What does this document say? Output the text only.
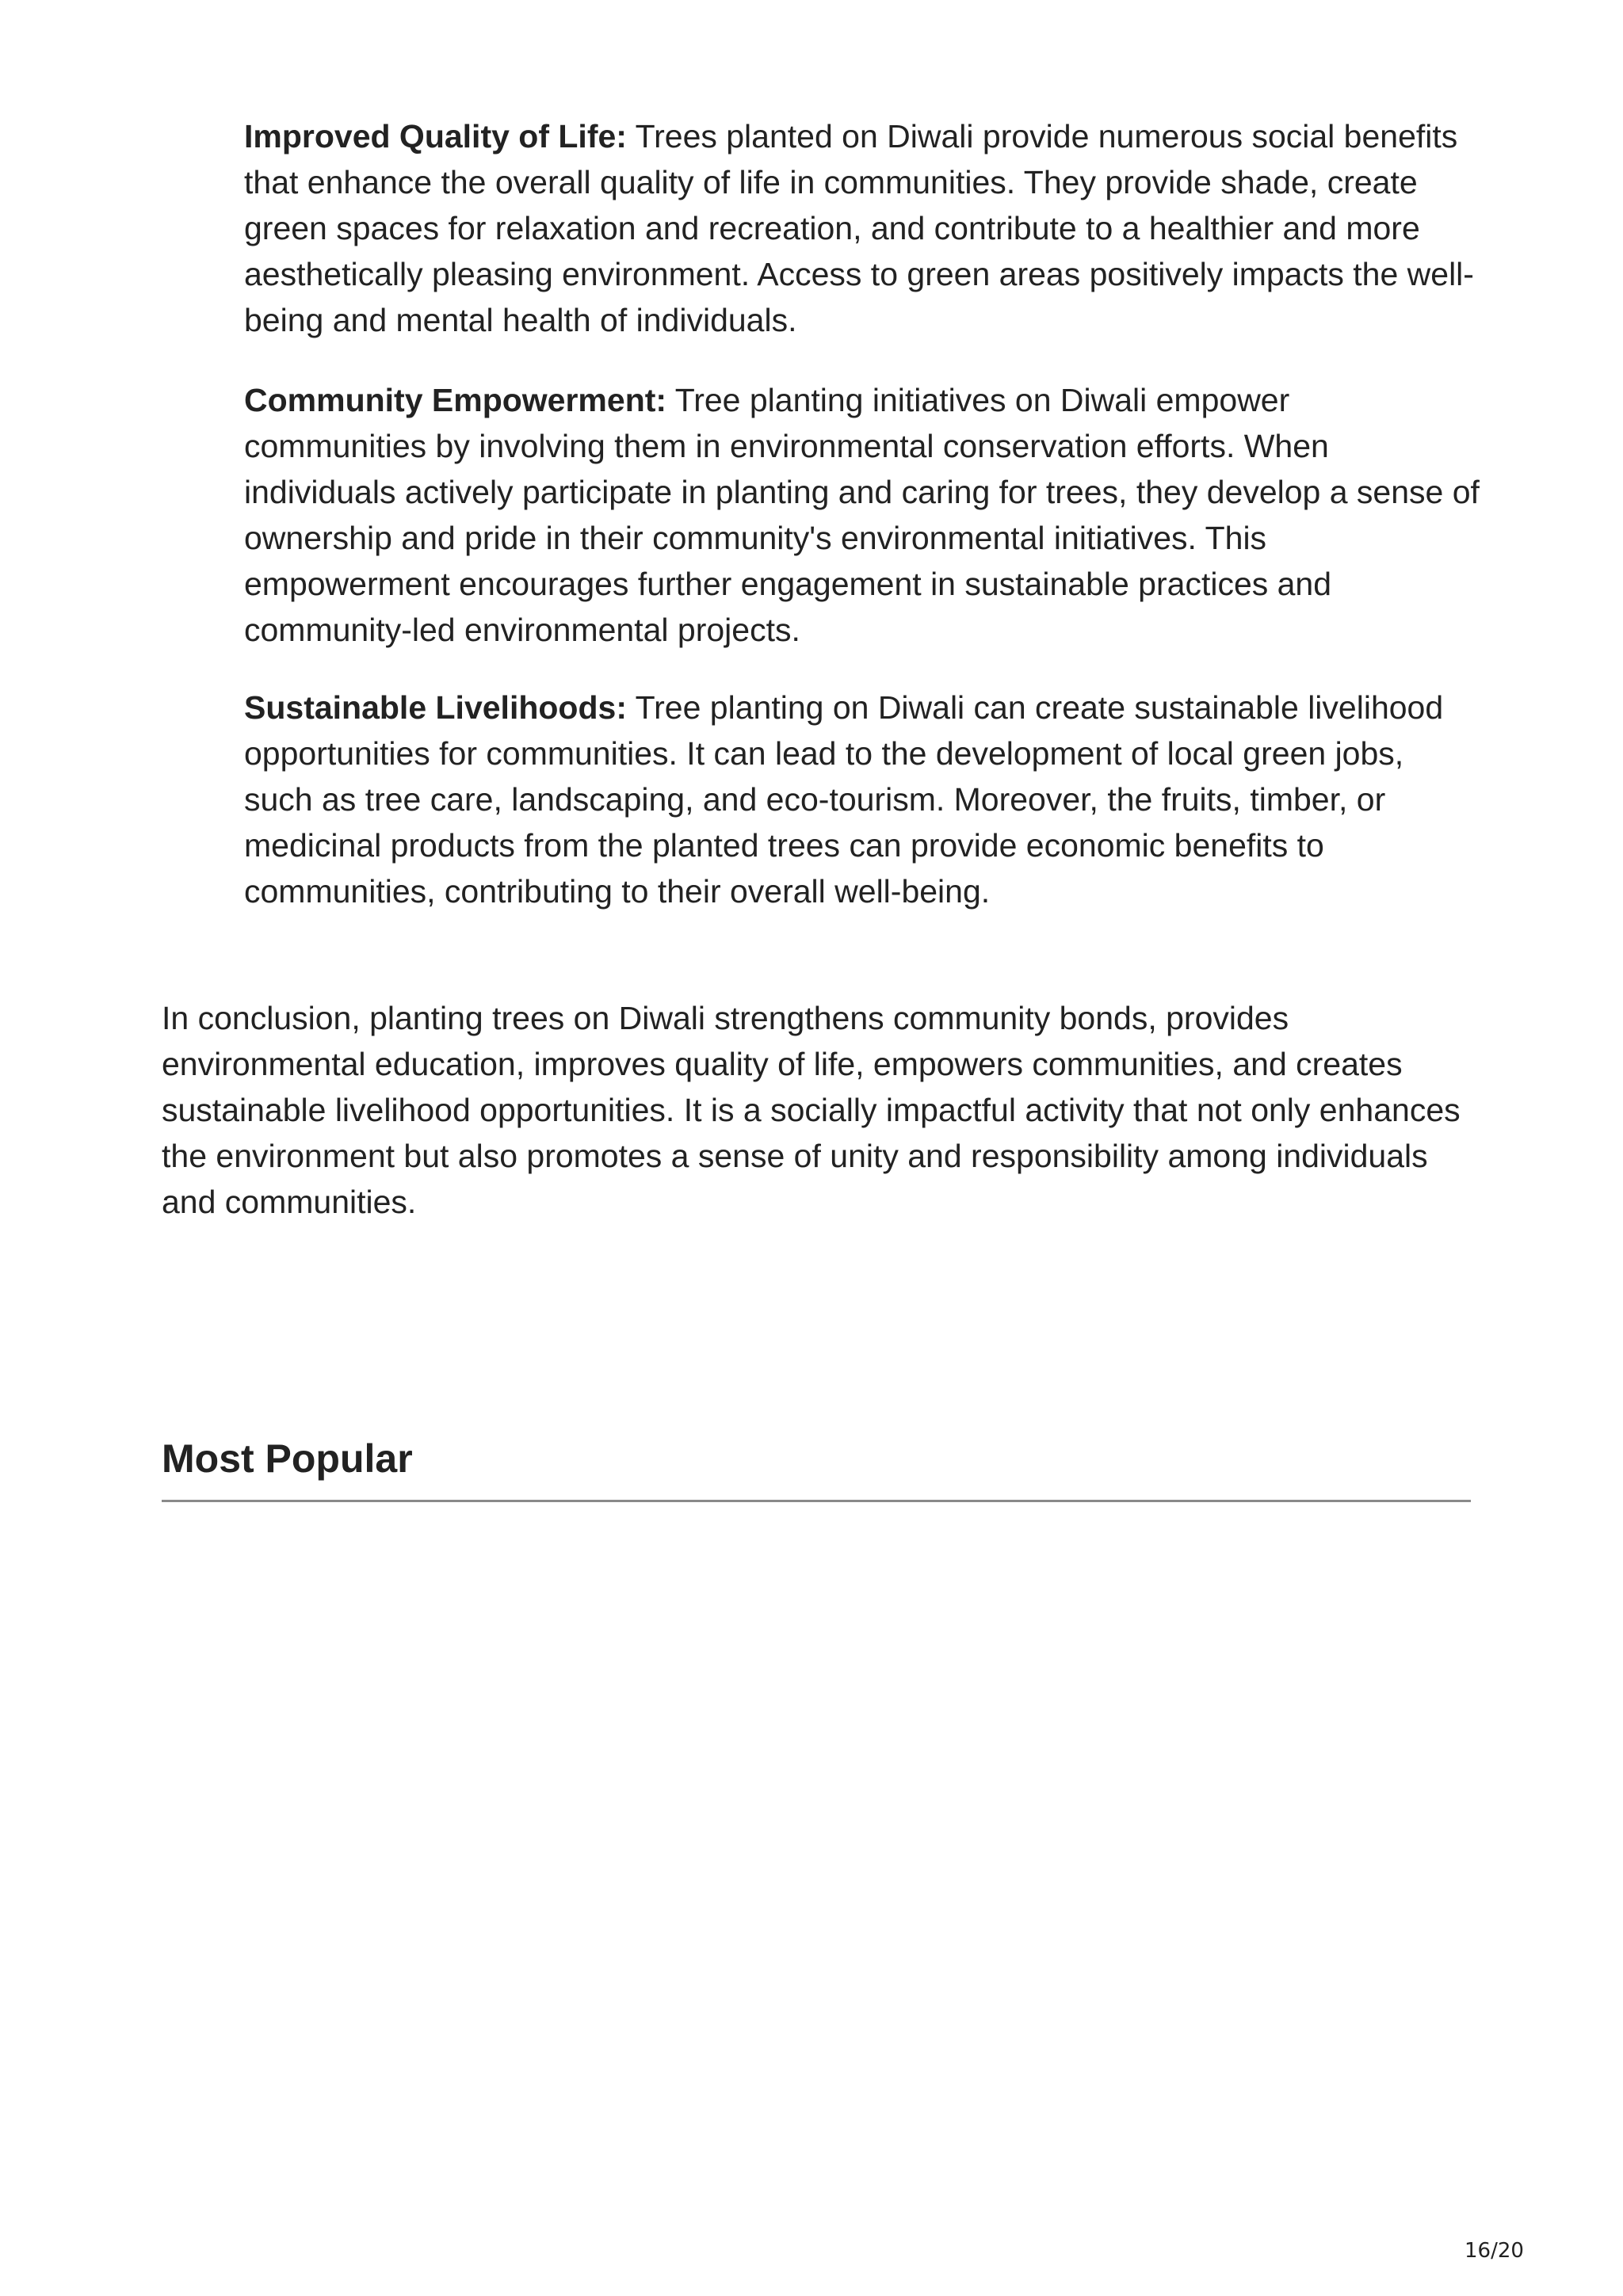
Improved Quality of Life: Trees planted on Diwali provide numerous social benefits that enhance the overall quality of life in communities. They provide shade, create green spaces for relaxation and recreation, and contribute to a healthier and more aesthetically pleasing environment. Access to green areas positively impacts the well-being and mental health of individuals.

Community Empowerment: Tree planting initiatives on Diwali empower communities by involving them in environmental conservation efforts. When individuals actively participate in planting and caring for trees, they develop a sense of ownership and pride in their community's environmental initiatives. This empowerment encourages further engagement in sustainable practices and community-led environmental projects.

Sustainable Livelihoods: Tree planting on Diwali can create sustainable livelihood opportunities for communities. It can lead to the development of local green jobs, such as tree care, landscaping, and eco-tourism. Moreover, the fruits, timber, or medicinal products from the planted trees can provide economic benefits to communities, contributing to their overall well-being.

In conclusion, planting trees on Diwali strengthens community bonds, provides environmental education, improves quality of life, empowers communities, and creates sustainable livelihood opportunities. It is a socially impactful activity that not only enhances the environment but also promotes a sense of unity and responsibility among individuals and communities.

Most Popular
16/20
